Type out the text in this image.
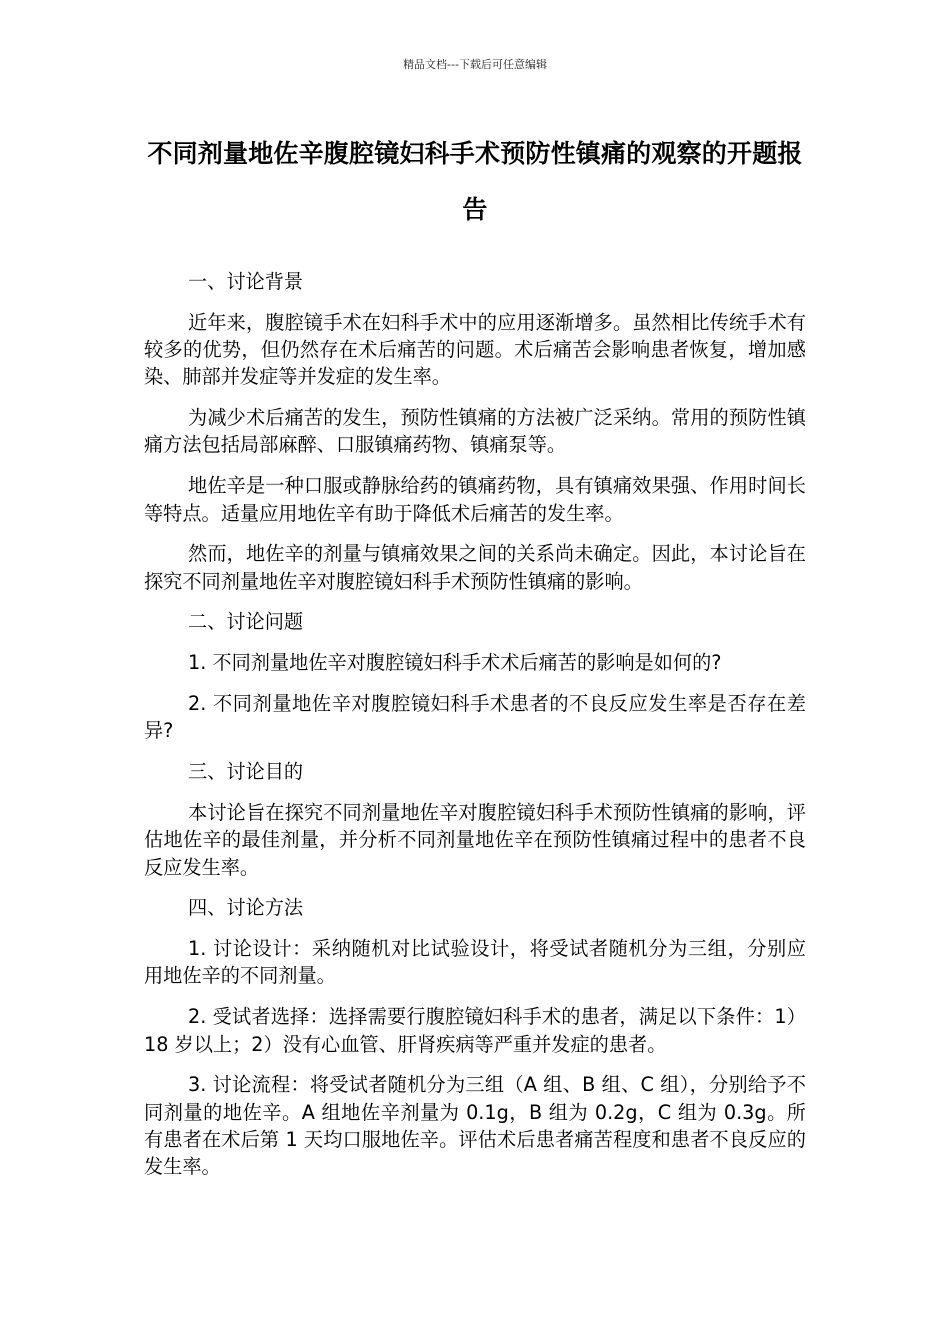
精品文档---下载后可任意编辑
不同剂量地佐辛腹腔镜妇科手术预防性镇痛的观察的开题报告

一、讨论背景

近年来，腹腔镜手术在妇科手术中的应用逐渐增多。虽然相比传统手术有较多的优势，但仍然存在术后痛苦的问题。术后痛苦会影响患者恢复，增加感染、肺部并发症等并发症的发生率。

为减少术后痛苦的发生，预防性镇痛的方法被广泛采纳。常用的预防性镇痛方法包括局部麻醉、口服镇痛药物、镇痛泵等。

地佐辛是一种口服或静脉给药的镇痛药物，具有镇痛效果强、作用时间长等特点。适量应用地佐辛有助于降低术后痛苦的发生率。

然而，地佐辛的剂量与镇痛效果之间的关系尚未确定。因此，本讨论旨在探究不同剂量地佐辛对腹腔镜妇科手术预防性镇痛的影响。

二、讨论问题

1. 不同剂量地佐辛对腹腔镜妇科手术术后痛苦的影响是如何的?

2. 不同剂量地佐辛对腹腔镜妇科手术患者的不良反应发生率是否存在差异?

三、讨论目的

本讨论旨在探究不同剂量地佐辛对腹腔镜妇科手术预防性镇痛的影响，评估地佐辛的最佳剂量，并分析不同剂量地佐辛在预防性镇痛过程中的患者不良反应发生率。

四、讨论方法

1. 讨论设计：采纳随机对比试验设计，将受试者随机分为三组，分别应用地佐辛的不同剂量。

2. 受试者选择：选择需要行腹腔镜妇科手术的患者，满足以下条件：1）18 岁以上；2）没有心血管、肝肾疾病等严重并发症的患者。

3. 讨论流程：将受试者随机分为三组（A 组、B 组、C 组），分别给予不同剂量的地佐辛。A 组地佐辛剂量为 0.1g，B 组为 0.2g，C 组为 0.3g。所有患者在术后第 1 天均口服地佐辛。评估术后患者痛苦程度和患者不良反应的发生率。
